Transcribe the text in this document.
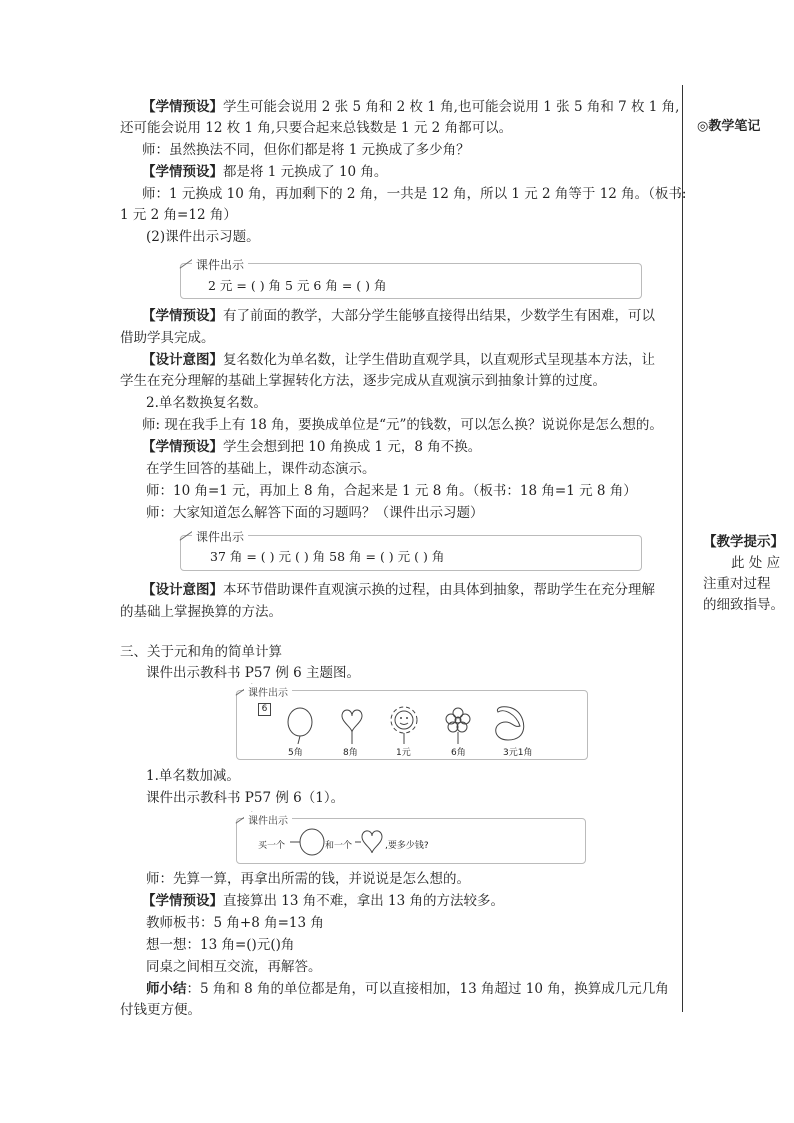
【学情预设】学生可能会说用 2 张 5 角和 2 枚 1 角,也可能会说用 1 张 5 角和 7 枚 1 角,
还可能会说用 12 枚 1 角,只要合起来总钱数是 1 元 2 角都可以。
师：虽然换法不同，但你们都是将 1 元换成了多少角？
【学情预设】都是将 1 元换成了 10 角。
师：1 元换成 10 角，再加剩下的 2 角，一共是 12 角，所以 1 元 2 角等于 12 角。（板书:
1 元 2 角=12 角）
(2)课件出示习题。
课件出示
2 元 = ( ) 角 5 元 6 角 = ( ) 角
【学情预设】有了前面的教学，大部分学生能够直接得出结果，少数学生有困难，可以
借助学具完成。
【设计意图】复名数化为单名数，让学生借助直观学具，以直观形式呈现基本方法，让
学生在充分理解的基础上掌握转化方法，逐步完成从直观演示到抽象计算的过度。
2.单名数换复名数。
师: 现在我手上有 18 角，要换成单位是“元”的钱数，可以怎么换？说说你是怎么想的。
【学情预设】学生会想到把 10 角换成 1 元，8 角不换。
在学生回答的基础上，课件动态演示。
师：10 角=1 元，再加上 8 角，合起来是 1 元 8 角。（板书：18 角=1 元 8 角）
师：大家知道怎么解答下面的习题吗？（课件出示习题）
课件出示
37 角 = ( ) 元 ( ) 角 58 角 = ( ) 元 ( ) 角
【设计意图】本环节借助课件直观演示换的过程，由具体到抽象，帮助学生在充分理解
的基础上掌握换算的方法。
三、关于元和角的简单计算
课件出示教科书 P57 例 6 主题图。
课件出示
6
5角	8角	1元	6角	3元1角
1.单名数加减。
课件出示教科书 P57 例 6（1）。
课件出示
买一个	和一个	,要多少钱?
师：先算一算，再拿出所需的钱，并说说是怎么想的。
【学情预设】直接算出 13 角不难，拿出 13 角的方法较多。
教师板书：5 角+8 角=13 角
想一想：13 角=()元()角
同桌之间相互交流，再解答。
师小结：5 角和 8 角的单位都是角，可以直接相加，13 角超过 10 角，换算成几元几角
付钱更方便。
◎教学笔记
【教学提示】
此 处 应
注重对过程
的细致指导。
